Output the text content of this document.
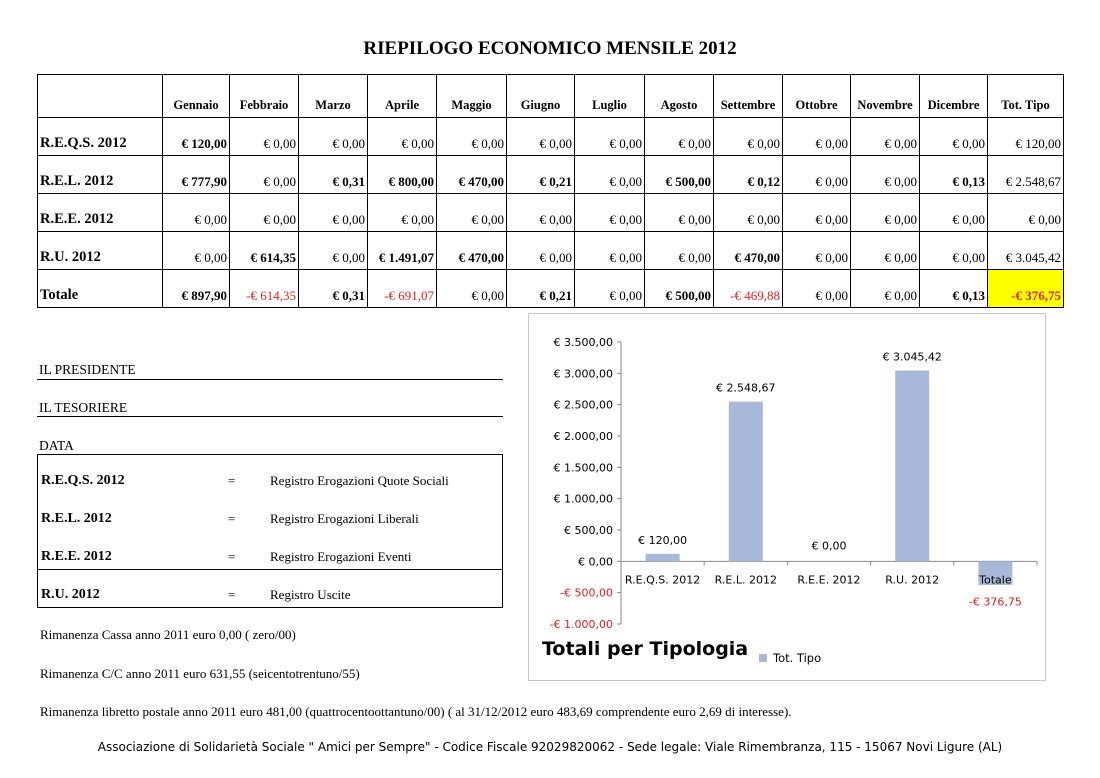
RIEPILOGO ECONOMICO MENSILE 2012
	Gennaio	Febbraio	Marzo	Aprile	Maggio	Giugno	Luglio	Agosto	Settembre	Ottobre	Novembre	Dicembre	Tot. Tipo
R.E.Q.S. 2012	€ 120,00	€ 0,00	€ 0,00	€ 0,00	€ 0,00	€ 0,00	€ 0,00	€ 0,00	€ 0,00	€ 0,00	€ 0,00	€ 0,00	€ 120,00
R.E.L. 2012	€ 777,90	€ 0,00	€ 0,31	€ 800,00	€ 470,00	€ 0,21	€ 0,00	€ 500,00	€ 0,12	€ 0,00	€ 0,00	€ 0,13	€ 2.548,67
R.E.E. 2012	€ 0,00	€ 0,00	€ 0,00	€ 0,00	€ 0,00	€ 0,00	€ 0,00	€ 0,00	€ 0,00	€ 0,00	€ 0,00	€ 0,00	€ 0,00
R.U. 2012	€ 0,00	€ 614,35	€ 0,00	€ 1.491,07	€ 470,00	€ 0,00	€ 0,00	€ 0,00	€ 470,00	€ 0,00	€ 0,00	€ 0,00	€ 3.045,42
Totale	€ 897,90	-€ 614,35	€ 0,31	-€ 691,07	€ 0,00	€ 0,21	€ 0,00	€ 500,00	-€ 469,88	€ 0,00	€ 0,00	€ 0,13	-€ 376,75
IL PRESIDENTE
IL TESORIERE
DATA
R.E.Q.S. 2012	=	Registro Erogazioni Quote Sociali
R.E.L. 2012	=	Registro Erogazioni Liberali
R.E.E. 2012	=	Registro Erogazioni Eventi
R.U. 2012	=	Registro Uscite
Rimanenza Cassa anno 2011 euro 0,00 ( zero/00)
Rimanenza C/C anno 2011 euro 631,55 (seicentotrentuno/55)
Rimanenza libretto postale anno 2011 euro 481,00 (quattrocentoottantuno/00) ( al 31/12/2012 euro 483,69 comprendente euro 2,69 di interesse).
€ 3.500,00
€ 3.000,00
€ 2.500,00
€ 2.000,00
€ 1.500,00
€ 1.000,00
€ 500,00
€ 0,00
-€ 500,00
-€ 1.000,00
R.E.Q.S. 2012
€ 120,00
R.E.L. 2012
€ 2.548,67
R.E.E. 2012
€ 0,00
R.U. 2012
€ 3.045,42
Totale
-€ 376,75
Totali per Tipologia	Tot. Tipo
Associazione di Solidarietà Sociale " Amici per Sempre" - Codice Fiscale 92029820062 - Sede legale: Viale Rimembranza, 115 - 15067 Novi Ligure (AL)
